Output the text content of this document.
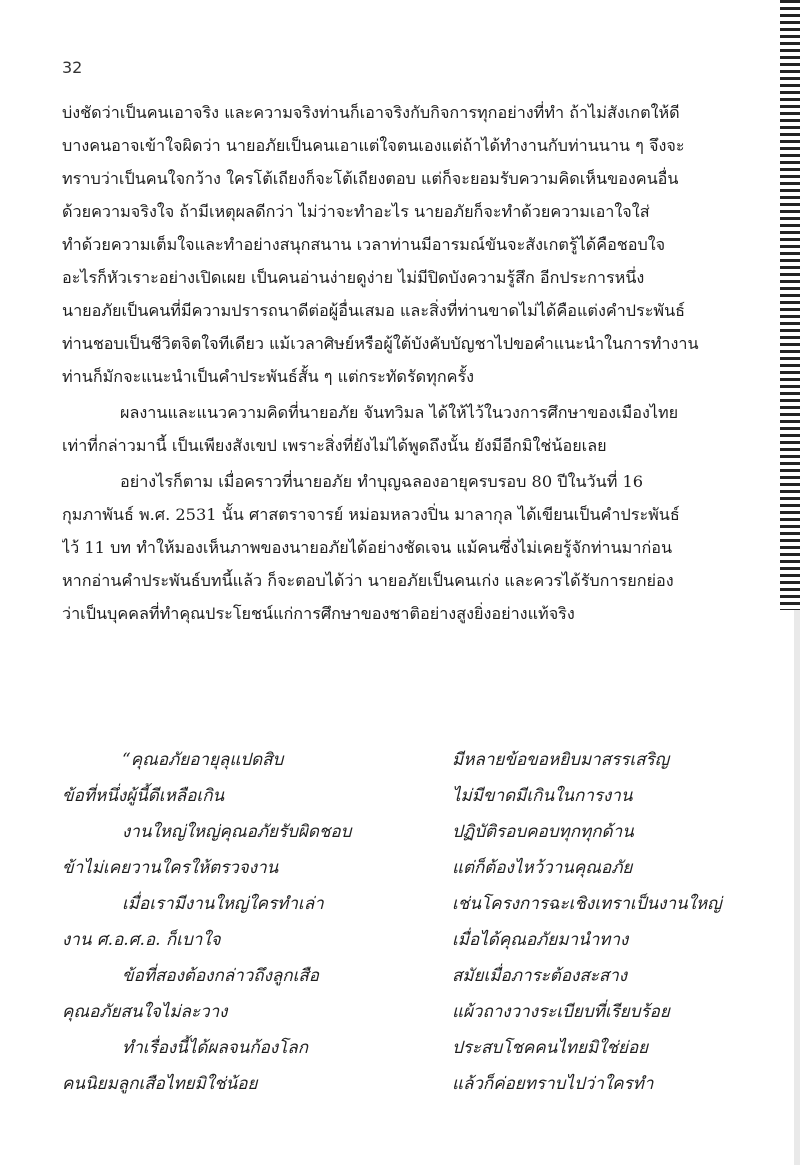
32
บ่งชัดว่าเป็นคนเอาจริง และความจริงท่านก็เอาจริงกับกิจการทุกอย่างที่ทำ ถ้าไม่สังเกตให้ดี
บางคนอาจเข้าใจผิดว่า นายอภัยเป็นคนเอาแต่ใจตนเองแต่ถ้าได้ทำงานกับท่านนาน ๆ จึงจะ
ทราบว่าเป็นคนใจกว้าง ใครโต้เถียงก็จะโต้เถียงตอบ แต่ก็จะยอมรับความคิดเห็นของคนอื่น
ด้วยความจริงใจ ถ้ามีเหตุผลดีกว่า ไม่ว่าจะทำอะไร นายอภัยก็จะทำด้วยความเอาใจใส่
ทำด้วยความเต็มใจและทำอย่างสนุกสนาน เวลาท่านมีอารมณ์ขันจะสังเกตรู้ได้คือชอบใจ
อะไรก็หัวเราะอย่างเปิดเผย เป็นคนอ่านง่ายดูง่าย ไม่มีปิดบังความรู้สึก อีกประการหนึ่ง
นายอภัยเป็นคนที่มีความปรารถนาดีต่อผู้อื่นเสมอ และสิ่งที่ท่านขาดไม่ได้คือแต่งคำประพันธ์
ท่านชอบเป็นชีวิตจิตใจทีเดียว แม้เวลาศิษย์หรือผู้ใต้บังคับบัญชาไปขอคำแนะนำในการทำงาน
ท่านก็มักจะแนะนำเป็นคำประพันธ์สั้น ๆ แต่กระทัดรัดทุกครั้ง
ผลงานและแนวความคิดที่นายอภัย จันทวิมล ได้ให้ไว้ในวงการศึกษาของเมืองไทย
เท่าที่กล่าวมานี้ เป็นเพียงสังเขป เพราะสิ่งที่ยังไม่ได้พูดถึงนั้น ยังมีอีกมิใช่น้อยเลย
อย่างไรก็ตาม เมื่อคราวที่นายอภัย ทำบุญฉลองอายุครบรอบ 80 ปีในวันที่ 16
กุมภาพันธ์ พ.ศ. 2531 นั้น ศาสตราจารย์ หม่อมหลวงปิ่น มาลากุล ได้เขียนเป็นคำประพันธ์
ไว้ 11 บท ทำให้มองเห็นภาพของนายอภัยได้อย่างชัดเจน แม้คนซึ่งไม่เคยรู้จักท่านมาก่อน
หากอ่านคำประพันธ์บทนี้แล้ว ก็จะตอบได้ว่า นายอภัยเป็นคนเก่ง และควรได้รับการยกย่อง
ว่าเป็นบุคคลที่ทำคุณประโยชน์แก่การศึกษาของชาติอย่างสูงยิ่งอย่างแท้จริง
“คุณอภัยอายุลุแปดสิบ
ข้อที่หนึ่งผู้นี้ดีเหลือเกิน
งานใหญ่ใหญ่คุณอภัยรับผิดชอบ
ข้าไม่เคยวานใครให้ตรวจงาน
เมื่อเรามีงานใหญ่ใครทำเล่า
งาน ศ.อ.ศ.อ. ก็เบาใจ
ข้อที่สองต้องกล่าวถึงลูกเสือ
คุณอภัยสนใจไม่ละวาง
ทำเรื่องนี้ได้ผลจนก้องโลก
คนนิยมลูกเสือไทยมิใช่น้อย
มีหลายข้อขอหยิบมาสรรเสริญ
ไม่มีขาดมีเกินในการงาน
ปฏิบัติรอบคอบทุกทุกด้าน
แต่ก็ต้องไหว้วานคุณอภัย
เช่นโครงการฉะเชิงเทราเป็นงานใหญ่
เมื่อได้คุณอภัยมานำทาง
สมัยเมื่อภาระต้องสะสาง
แผ้วถางวางระเบียบที่เรียบร้อย
ประสบโชคคนไทยมิใช่ย่อย
แล้วก็ค่อยทราบไปว่าใครทำ
